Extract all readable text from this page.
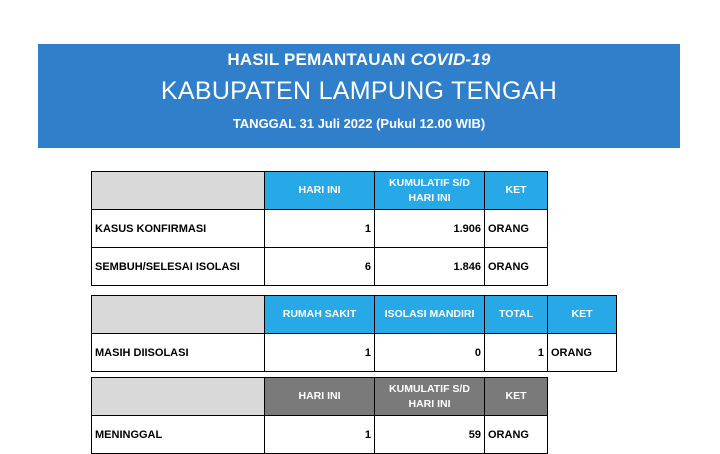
HASIL PEMANTAUAN COVID-19
KABUPATEN LAMPUNG TENGAH
TANGGAL 31 Juli 2022 (Pukul 12.00 WIB)
	HARI INI	KUMULATIF S/D HARI INI	KET
KASUS KONFIRMASI	1	1.906	ORANG
SEMBUH/SELESAI ISOLASI	6	1.846	ORANG
	RUMAH SAKIT	ISOLASI MANDIRI	TOTAL	KET
MASIH DIISOLASI	1	0	1	ORANG
	HARI INI	KUMULATIF S/D HARI INI	KET
MENINGGAL	1	59	ORANG
